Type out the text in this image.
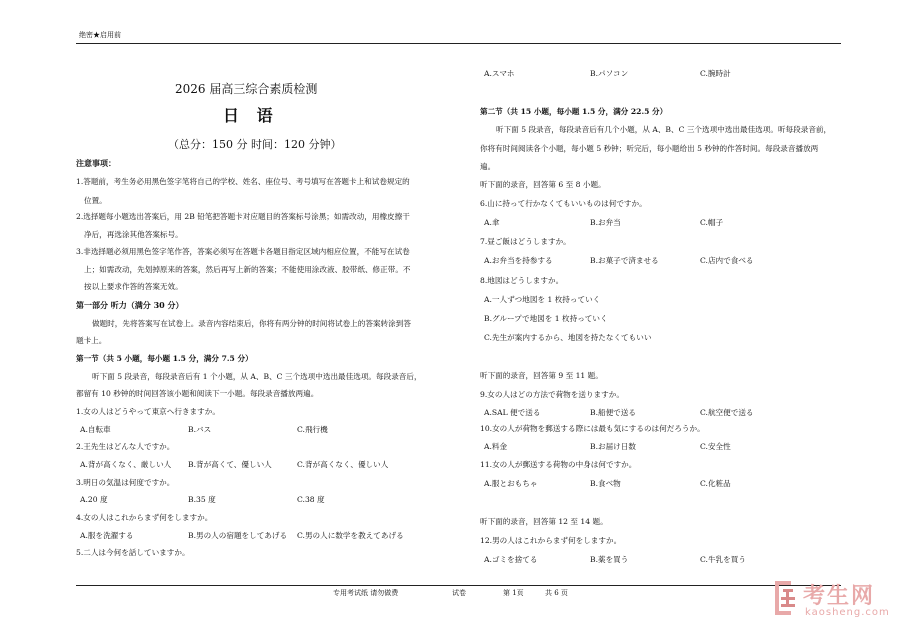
绝密★启用前
2026 届高三综合素质检测
日 语
（总分：150 分 时间：120 分钟）
注意事项：
1.答题前，考生务必用黑色签字笔将自己的学校、姓名、座位号、考号填写在答题卡上和试卷规定的
位置。
2.选择题每小题选出答案后，用 2B 铅笔把答题卡对应题目的答案标号涂黑；如需改动，用橡皮擦干
净后，再选涂其他答案标号。
3.非选择题必须用黑色签字笔作答，答案必须写在答题卡各题目指定区域内相应位置，不能写在试卷
上；如需改动，先划掉原来的答案，然后再写上新的答案；不能使用涂改液、胶带纸、修正带。不
按以上要求作答的答案无效。
第一部分 听力（满分 30 分）
做题时，先将答案写在试卷上。录音内容结束后，你将有两分钟的时间将试卷上的答案转涂到答
题卡上。
第一节（共 5 小题，每小题 1.5 分，满分 7.5 分）
听下面 5 段录音，每段录音后有 1 个小题，从 A、B、C 三个选项中选出最佳选项。每段录音后，
都留有 10 秒钟的时间回答该小题和阅读下一小题。每段录音播放两遍。
1.女の人はどうやって東京へ行きますか。
A.自転車	B.バス	C.飛行機
2.王先生はどんな人ですか。
A.背が高くなく、厳しい人 B.背が高くて、優しい人	C.背が高くなく、優しい人
3.明日の気温は何度ですか。
A.20 度	B.35 度	C.38 度
4.女の人はこれからまず何をしますか。
A.服を洗濯する	B.男の人の宿題をしてあげる C.男の人に数学を教えてあげる
5.二人は今何を話していますか。
A.スマホ	B.パソコン	C.腕時計
第二节（共 15 小题，每小题 1.5 分，满分 22.5 分）
听下面 5 段录音，每段录音后有几个小题，从 A、B、C 三个选项中选出最佳选项。听每段录音前，
你将有时间阅读各个小题，每小题 5 秒钟；听完后，每小题给出 5 秒钟的作答时间。每段录音播放两
遍。
听下面的录音，回答第 6 至 8 小题。
6.山に持って行かなくてもいいものは何ですか。
A.傘	B.お弁当	C.帽子
7.昼ご飯はどうしますか。
A.お弁当を持参する	B.お菓子で済ませる	C.店内で食べる
8.地図はどうしますか。
A.一人ずつ地図を 1 枚持っていく
B.グループで地図を 1 枚持っていく
C.先生が案内するから、地図を持たなくてもいい
听下面的录音，回答第 9 至 11 题。
9.女の人はどの方法で荷物を送りますか。
A.SAL 便で送る	B.船便で送る	C.航空便で送る
10.女の人が荷物を郵送する際には最も気にするのは何だろうか。
A.料金	B.お届け日数	C.安全性
11.女の人が郵送する荷物の中身は何ですか。
A.服とおもちゃ	B.食べ物	C.化粧品
听下面的录音，回答第 12 至 14 题。
12.男の人はこれからまず何をしますか。
A.ゴミを捨てる	B.薬を買う	C.牛乳を買う
专用考试纸 请勿做费	试卷	第 1页	共 6 页	考生网
kaosheng.com
